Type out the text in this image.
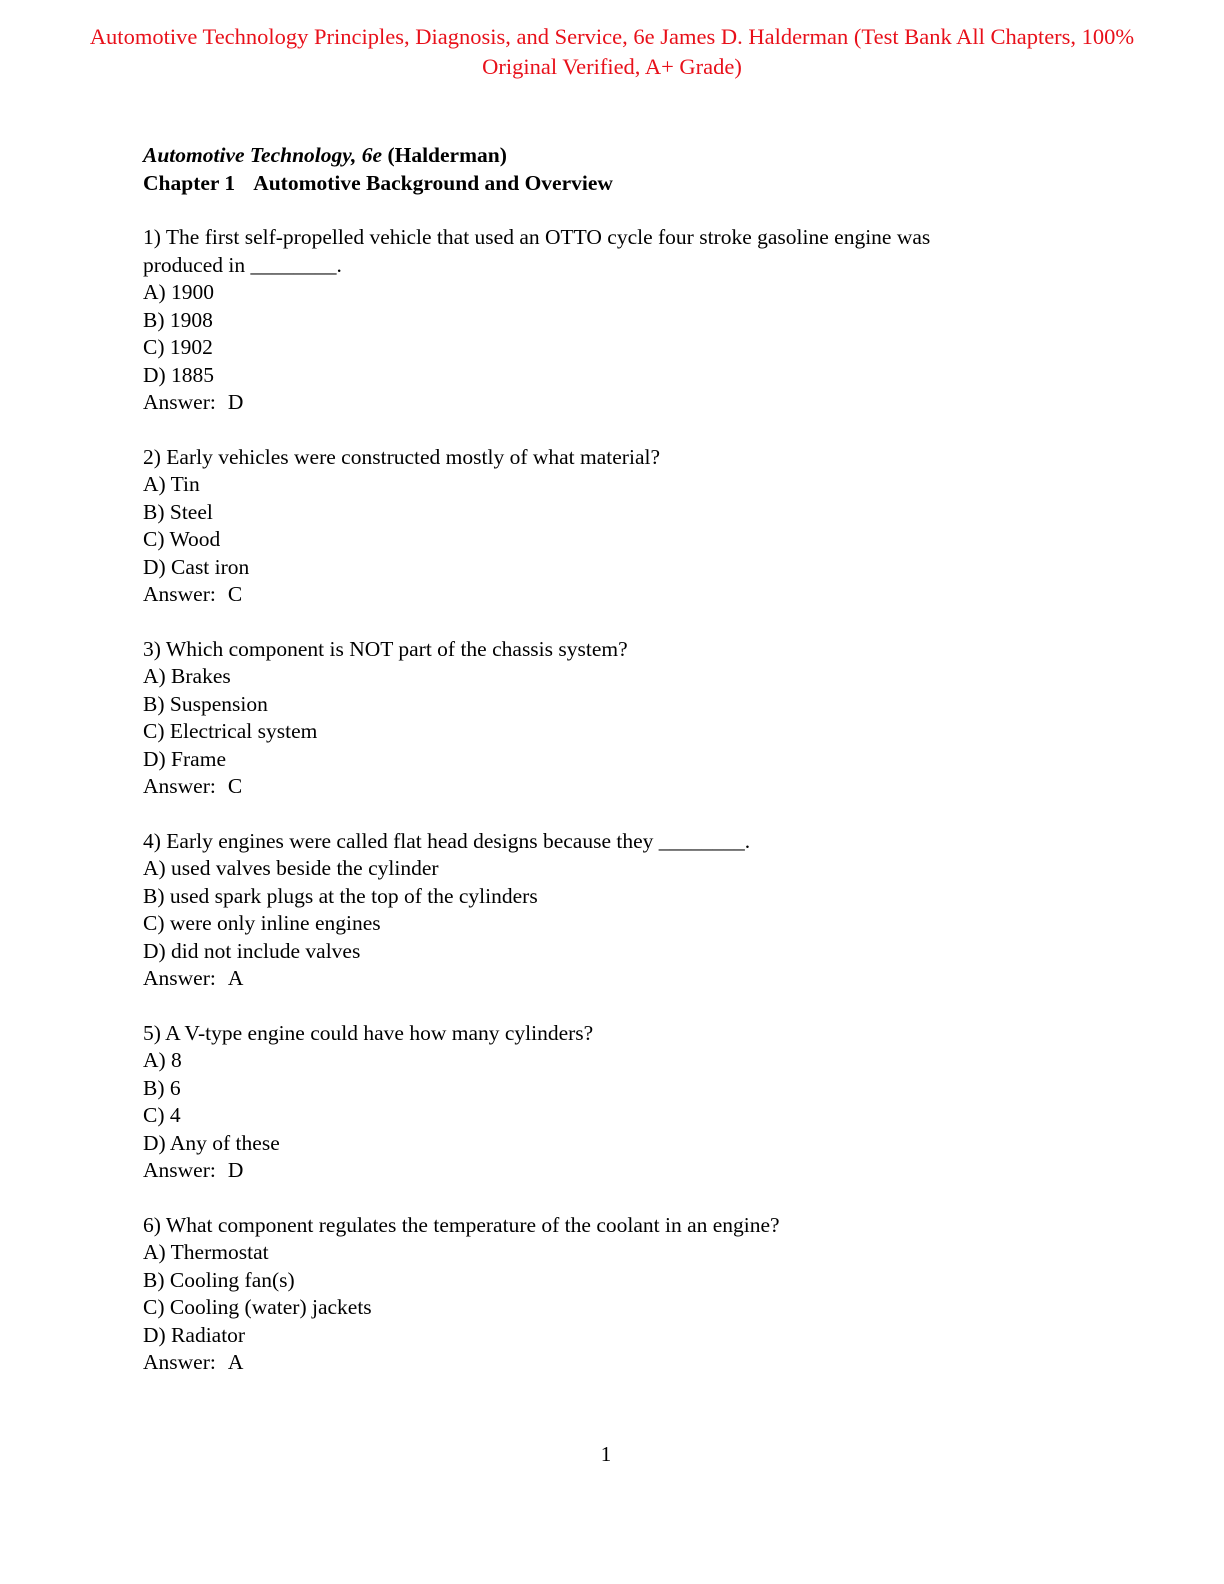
Automotive Technology Principles, Diagnosis, and Service, 6e James D. Halderman (Test Bank All Chapters, 100%
Original Verified, A+ Grade)
Automotive Technology, 6e (Halderman)
Chapter 1 Automotive Background and Overview
1) The first self-propelled vehicle that used an OTTO cycle four stroke gasoline engine was
produced in ________.
A) 1900
B) 1908
C) 1902
D) 1885
Answer: D
2) Early vehicles were constructed mostly of what material?
A) Tin
B) Steel
C) Wood
D) Cast iron
Answer: C
3) Which component is NOT part of the chassis system?
A) Brakes
B) Suspension
C) Electrical system
D) Frame
Answer: C
4) Early engines were called flat head designs because they ________.
A) used valves beside the cylinder
B) used spark plugs at the top of the cylinders
C) were only inline engines
D) did not include valves
Answer: A
5) A V-type engine could have how many cylinders?
A) 8
B) 6
C) 4
D) Any of these
Answer: D
6) What component regulates the temperature of the coolant in an engine?
A) Thermostat
B) Cooling fan(s)
C) Cooling (water) jackets
D) Radiator
Answer: A
1
